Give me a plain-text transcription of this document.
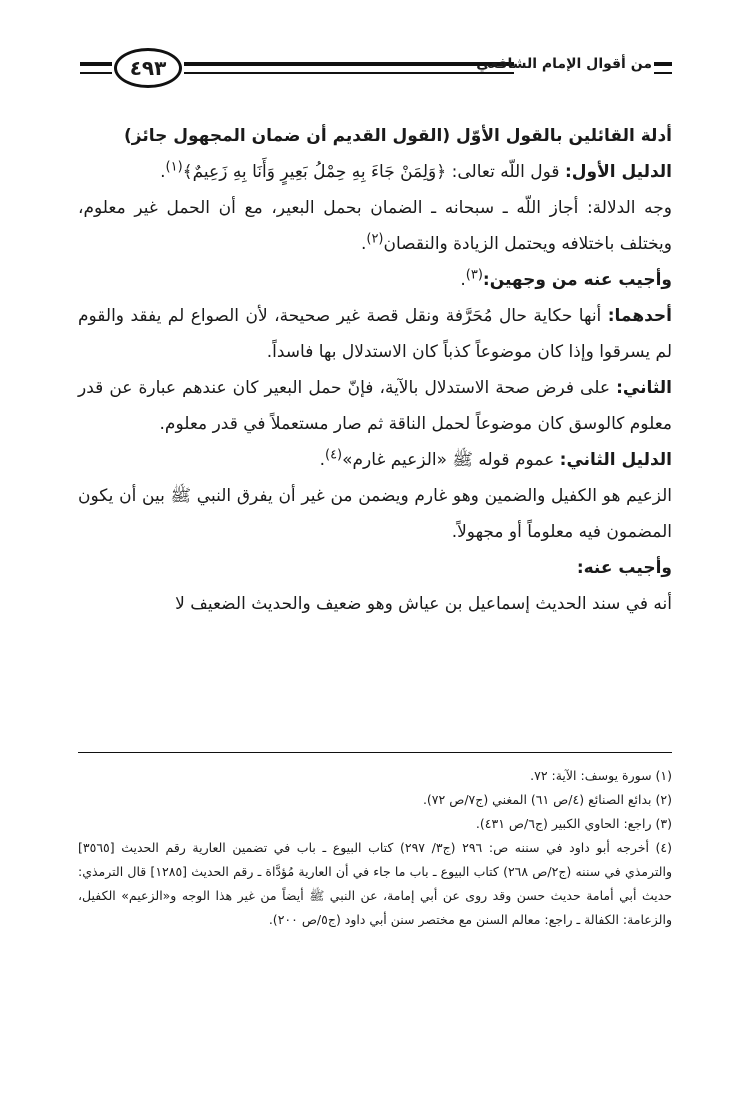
٤٩٣	من أقوال الإمام الشافعي

أدلة القائلين بالقول الأوّل (القول القديم أن ضمان المجهول جائز)

الدليل الأول: قول اللّه تعالى: ﴿وَلِمَنْ جَاءَ بِهِ حِمْلُ بَعِيرٍ وَأَنَا بِهِ زَعِيمٌ﴾$^{(١)}$.

وجه الدلالة: أجاز اللّه ـ سبحانه ـ الضمان بحمل البعير، مع أن الحمل غير معلوم، ويختلف باختلافه ويحتمل الزيادة والنقصان$^{(٢)}$.

وأجيب عنه من وجهين:$^{(٣)}$.

أحدهما: أنها حكاية حال مُحَرَّفة ونقل قصة غير صحيحة، لأن الصواع لم يفقد والقوم لم يسرقوا وإذا كان موضوعاً كذباً كان الاستدلال بها فاسداً.

الثاني: على فرض صحة الاستدلال بالآية، فإنّ حمل البعير كان عندهم عبارة عن قدر معلوم كالوسق كان موضوعاً لحمل الناقة ثم صار مستعملاً في قدر معلوم.

الدليل الثاني: عموم قوله ﷺ «الزعيم غارم»$^{(٤)}$.

الزعيم هو الكفيل والضمين وهو غارم ويضمن من غير أن يفرق النبي ﷺ بين أن يكون المضمون فيه معلوماً أو مجهولاً.

وأجيب عنه:

أنه في سند الحديث إسماعيل بن عياش وهو ضعيف والحديث الضعيف لا

(١) سورة يوسف: الآية: ٧٢.

(٢) بدائع الصنائع (٤/ص ٦١) المغني (ج٧/ص ٧٢).

(٣) راجع: الحاوي الكبير (ج٦/ص ٤٣١).

(٤) أخرجه أبو داود في سننه ص: ٢٩٦ (ج٣/ ٢٩٧) كتاب البيوع ـ باب في تضمين العارية رقم الحديث [٣٥٦٥] والترمذي في سننه (ج٢/ص ٢٦٨) كتاب البيوع ـ باب ما جاء في أن العارية مُؤدَّاة ـ رقم الحديث [١٢٨٥] قال الترمذي: حديث أبي أمامة حديث حسن وقد روى عن أبي إمامة، عن النبي ﷺ أيضاً من غير هذا الوجه و«الزعيم» الكفيل، والزعامة: الكفالة ـ راجع: معالم السنن مع مختصر سنن أبي داود (ج٥/ص ٢٠٠).
